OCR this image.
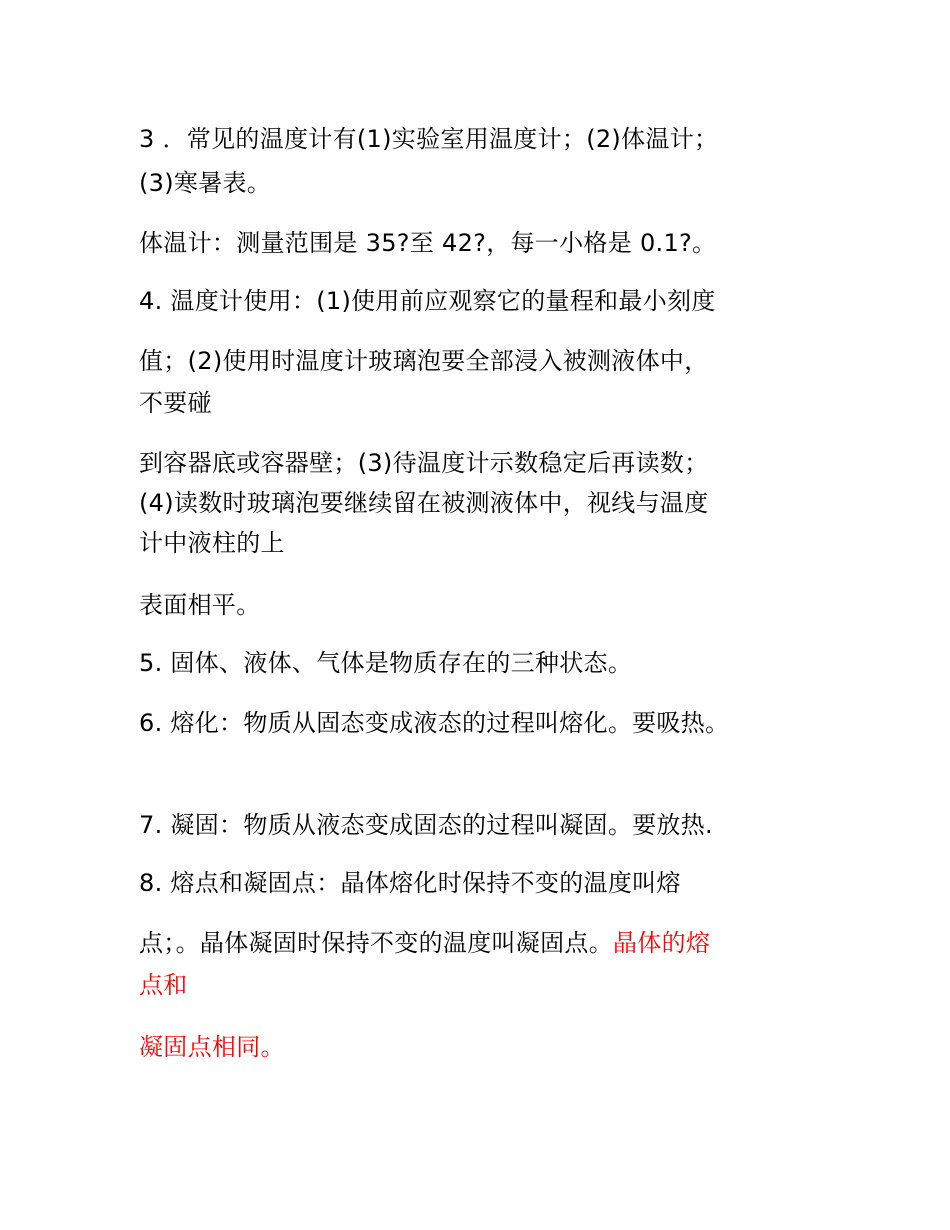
3 ．常见的温度计有(1)实验室用温度计；(2)体温计；
(3)寒暑表。
体温计：测量范围是 35?至 42?，每一小格是 0.1?。
4. 温度计使用：(1)使用前应观察它的量程和最小刻度
值；(2)使用时温度计玻璃泡要全部浸入被测液体中，
不要碰
到容器底或容器壁；(3)待温度计示数稳定后再读数；
(4)读数时玻璃泡要继续留在被测液体中，视线与温度
计中液柱的上
表面相平。
5. 固体、液体、气体是物质存在的三种状态。
6. 熔化：物质从固态变成液态的过程叫熔化。要吸热。
7. 凝固：物质从液态变成固态的过程叫凝固。要放热.
8. 熔点和凝固点：晶体熔化时保持不变的温度叫熔
点；。晶体凝固时保持不变的温度叫凝固点。晶体的熔
点和
凝固点相同。
